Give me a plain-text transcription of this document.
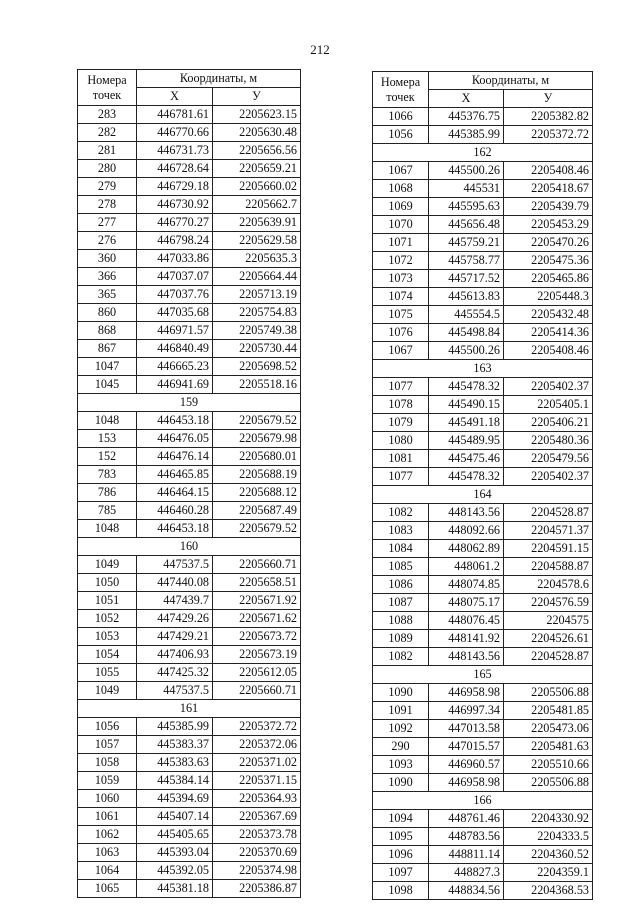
212
Номера
точек	Координаты, м	
	X	У
283	446781.61	2205623.15
282	446770.66	2205630.48
281	446731.73	2205656.56
280	446728.64	2205659.21
279	446729.18	2205660.02
278	446730.92	2205662.7
277	446770.27	2205639.91
276	446798.24	2205629.58
360	447033.86	2205635.3
366	447037.07	2205664.44
365	447037.76	2205713.19
860	447035.68	2205754.83
868	446971.57	2205749.38
867	446840.49	2205730.44
1047	446665.23	2205698.52
1045	446941.69	2205518.16
159		
1048	446453.18	2205679.52
153	446476.05	2205679.98
152	446476.14	2205680.01
783	446465.85	2205688.19
786	446464.15	2205688.12
785	446460.28	2205687.49
1048	446453.18	2205679.52
160		
1049	447537.5	2205660.71
1050	447440.08	2205658.51
1051	447439.7	2205671.92
1052	447429.26	2205671.62
1053	447429.21	2205673.72
1054	447406.93	2205673.19
1055	447425.32	2205612.05
1049	447537.5	2205660.71
161		
1056	445385.99	2205372.72
1057	445383.37	2205372.06
1058	445383.63	2205371.02
1059	445384.14	2205371.15
1060	445394.69	2205364.93
1061	445407.14	2205367.69
1062	445405.65	2205373.78
1063	445393.04	2205370.69
1064	445392.05	2205374.98
1065	445381.18	2205386.87
Номера
точек	Координаты, м	
	X	У
1066	445376.75	2205382.82
1056	445385.99	2205372.72
162		
1067	445500.26	2205408.46
1068	445531	2205418.67
1069	445595.63	2205439.79
1070	445656.48	2205453.29
1071	445759.21	2205470.26
1072	445758.77	2205475.36
1073	445717.52	2205465.86
1074	445613.83	2205448.3
1075	445554.5	2205432.48
1076	445498.84	2205414.36
1067	445500.26	2205408.46
163		
1077	445478.32	2205402.37
1078	445490.15	2205405.1
1079	445491.18	2205406.21
1080	445489.95	2205480.36
1081	445475.46	2205479.56
1077	445478.32	2205402.37
164		
1082	448143.56	2204528.87
1083	448092.66	2204571.37
1084	448062.89	2204591.15
1085	448061.2	2204588.87
1086	448074.85	2204578.6
1087	448075.17	2204576.59
1088	448076.45	2204575
1089	448141.92	2204526.61
1082	448143.56	2204528.87
165		
1090	446958.98	2205506.88
1091	446997.34	2205481.85
1092	447013.58	2205473.06
290	447015.57	2205481.63
1093	446960.57	2205510.66
1090	446958.98	2205506.88
166		
1094	448761.46	2204330.92
1095	448783.56	2204333.5
1096	448811.14	2204360.52
1097	448827.3	2204359.1
1098	448834.56	2204368.53
